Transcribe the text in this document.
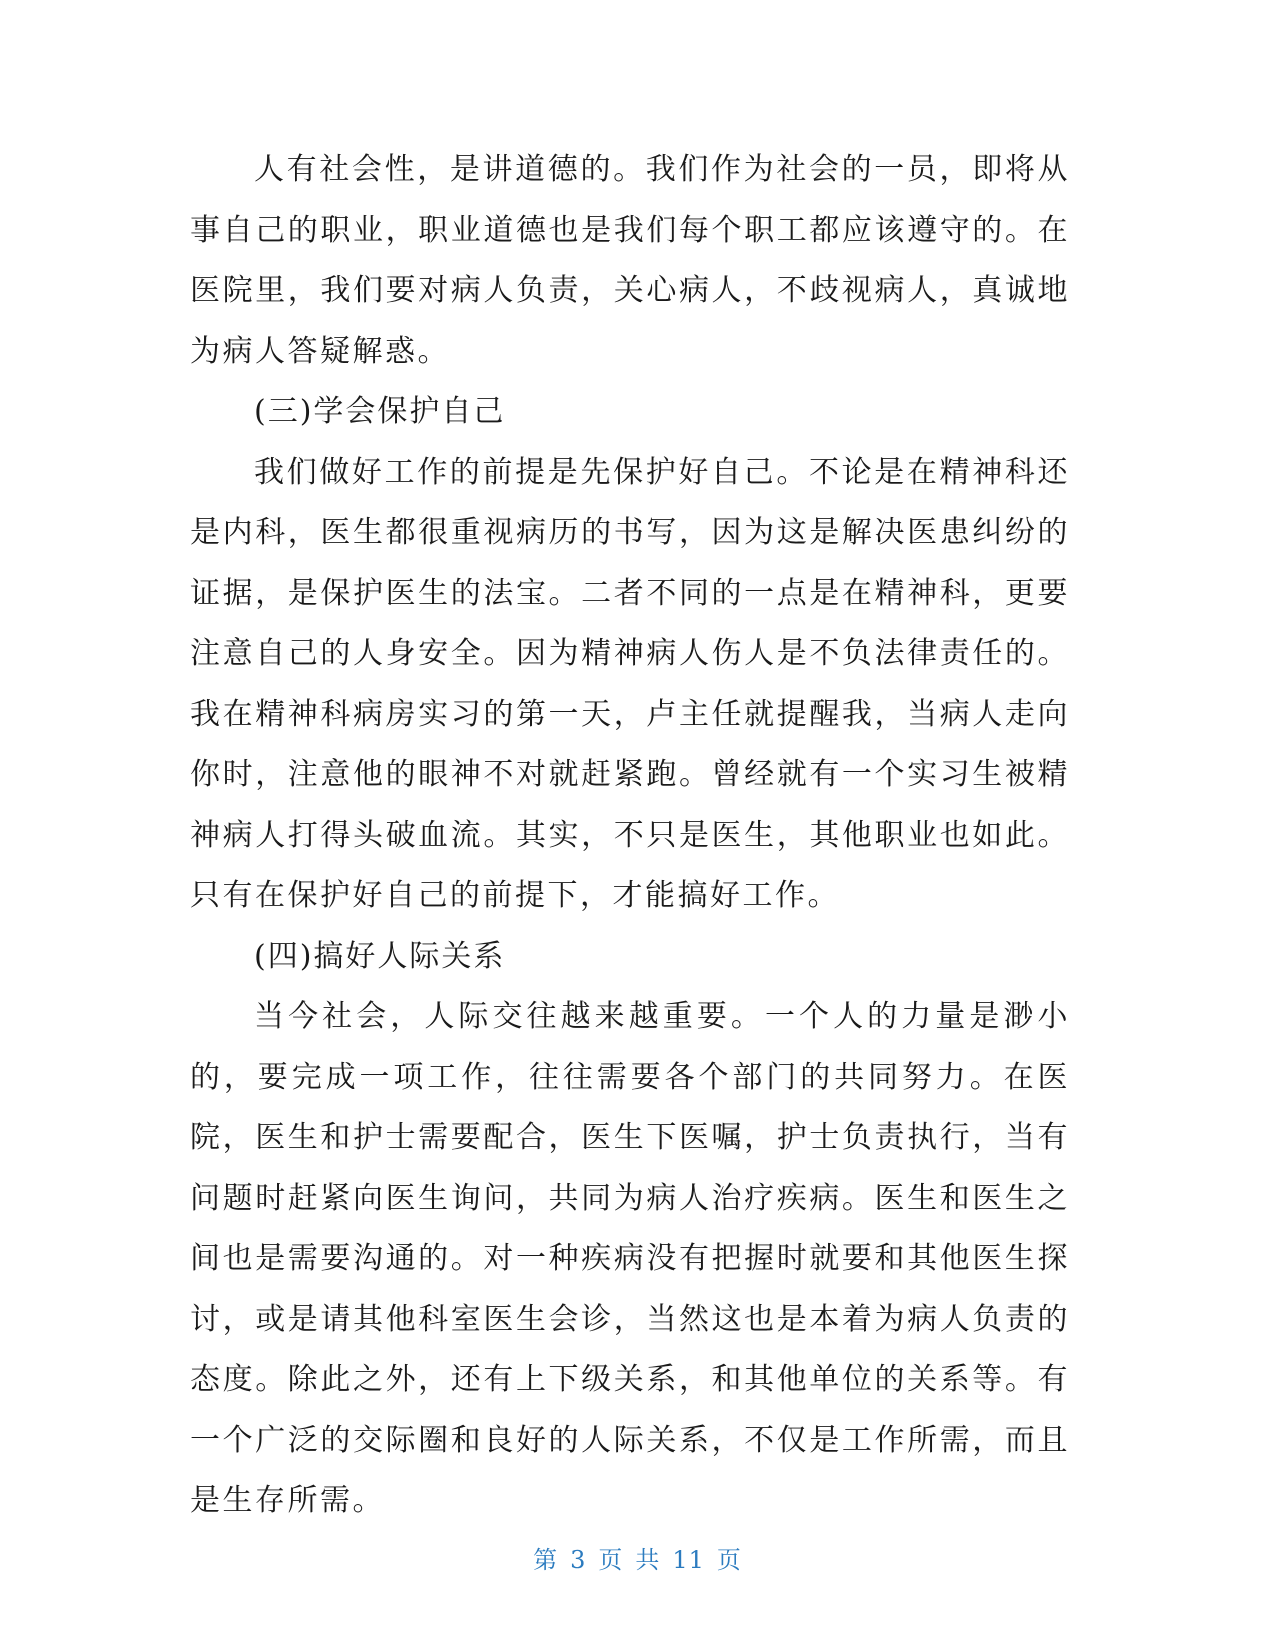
人有社会性，是讲道德的。我们作为社会的一员，即将从事自己的职业，职业道德也是我们每个职工都应该遵守的。在医院里，我们要对病人负责，关心病人，不歧视病人，真诚地为病人答疑解惑。

(三)学会保护自己

我们做好工作的前提是先保护好自己。不论是在精神科还是内科，医生都很重视病历的书写，因为这是解决医患纠纷的证据，是保护医生的法宝。二者不同的一点是在精神科，更要注意自己的人身安全。因为精神病人伤人是不负法律责任的。我在精神科病房实习的第一天，卢主任就提醒我，当病人走向你时，注意他的眼神不对就赶紧跑。曾经就有一个实习生被精神病人打得头破血流。其实，不只是医生，其他职业也如此。只有在保护好自己的前提下，才能搞好工作。

(四)搞好人际关系

当今社会，人际交往越来越重要。一个人的力量是渺小的，要完成一项工作，往往需要各个部门的共同努力。在医院，医生和护士需要配合，医生下医嘱，护士负责执行，当有问题时赶紧向医生询问，共同为病人治疗疾病。医生和医生之间也是需要沟通的。对一种疾病没有把握时就要和其他医生探讨，或是请其他科室医生会诊，当然这也是本着为病人负责的态度。除此之外，还有上下级关系，和其他单位的关系等。有一个广泛的交际圈和良好的人际关系，不仅是工作所需，而且是生存所需。

第 3 页 共 11 页
